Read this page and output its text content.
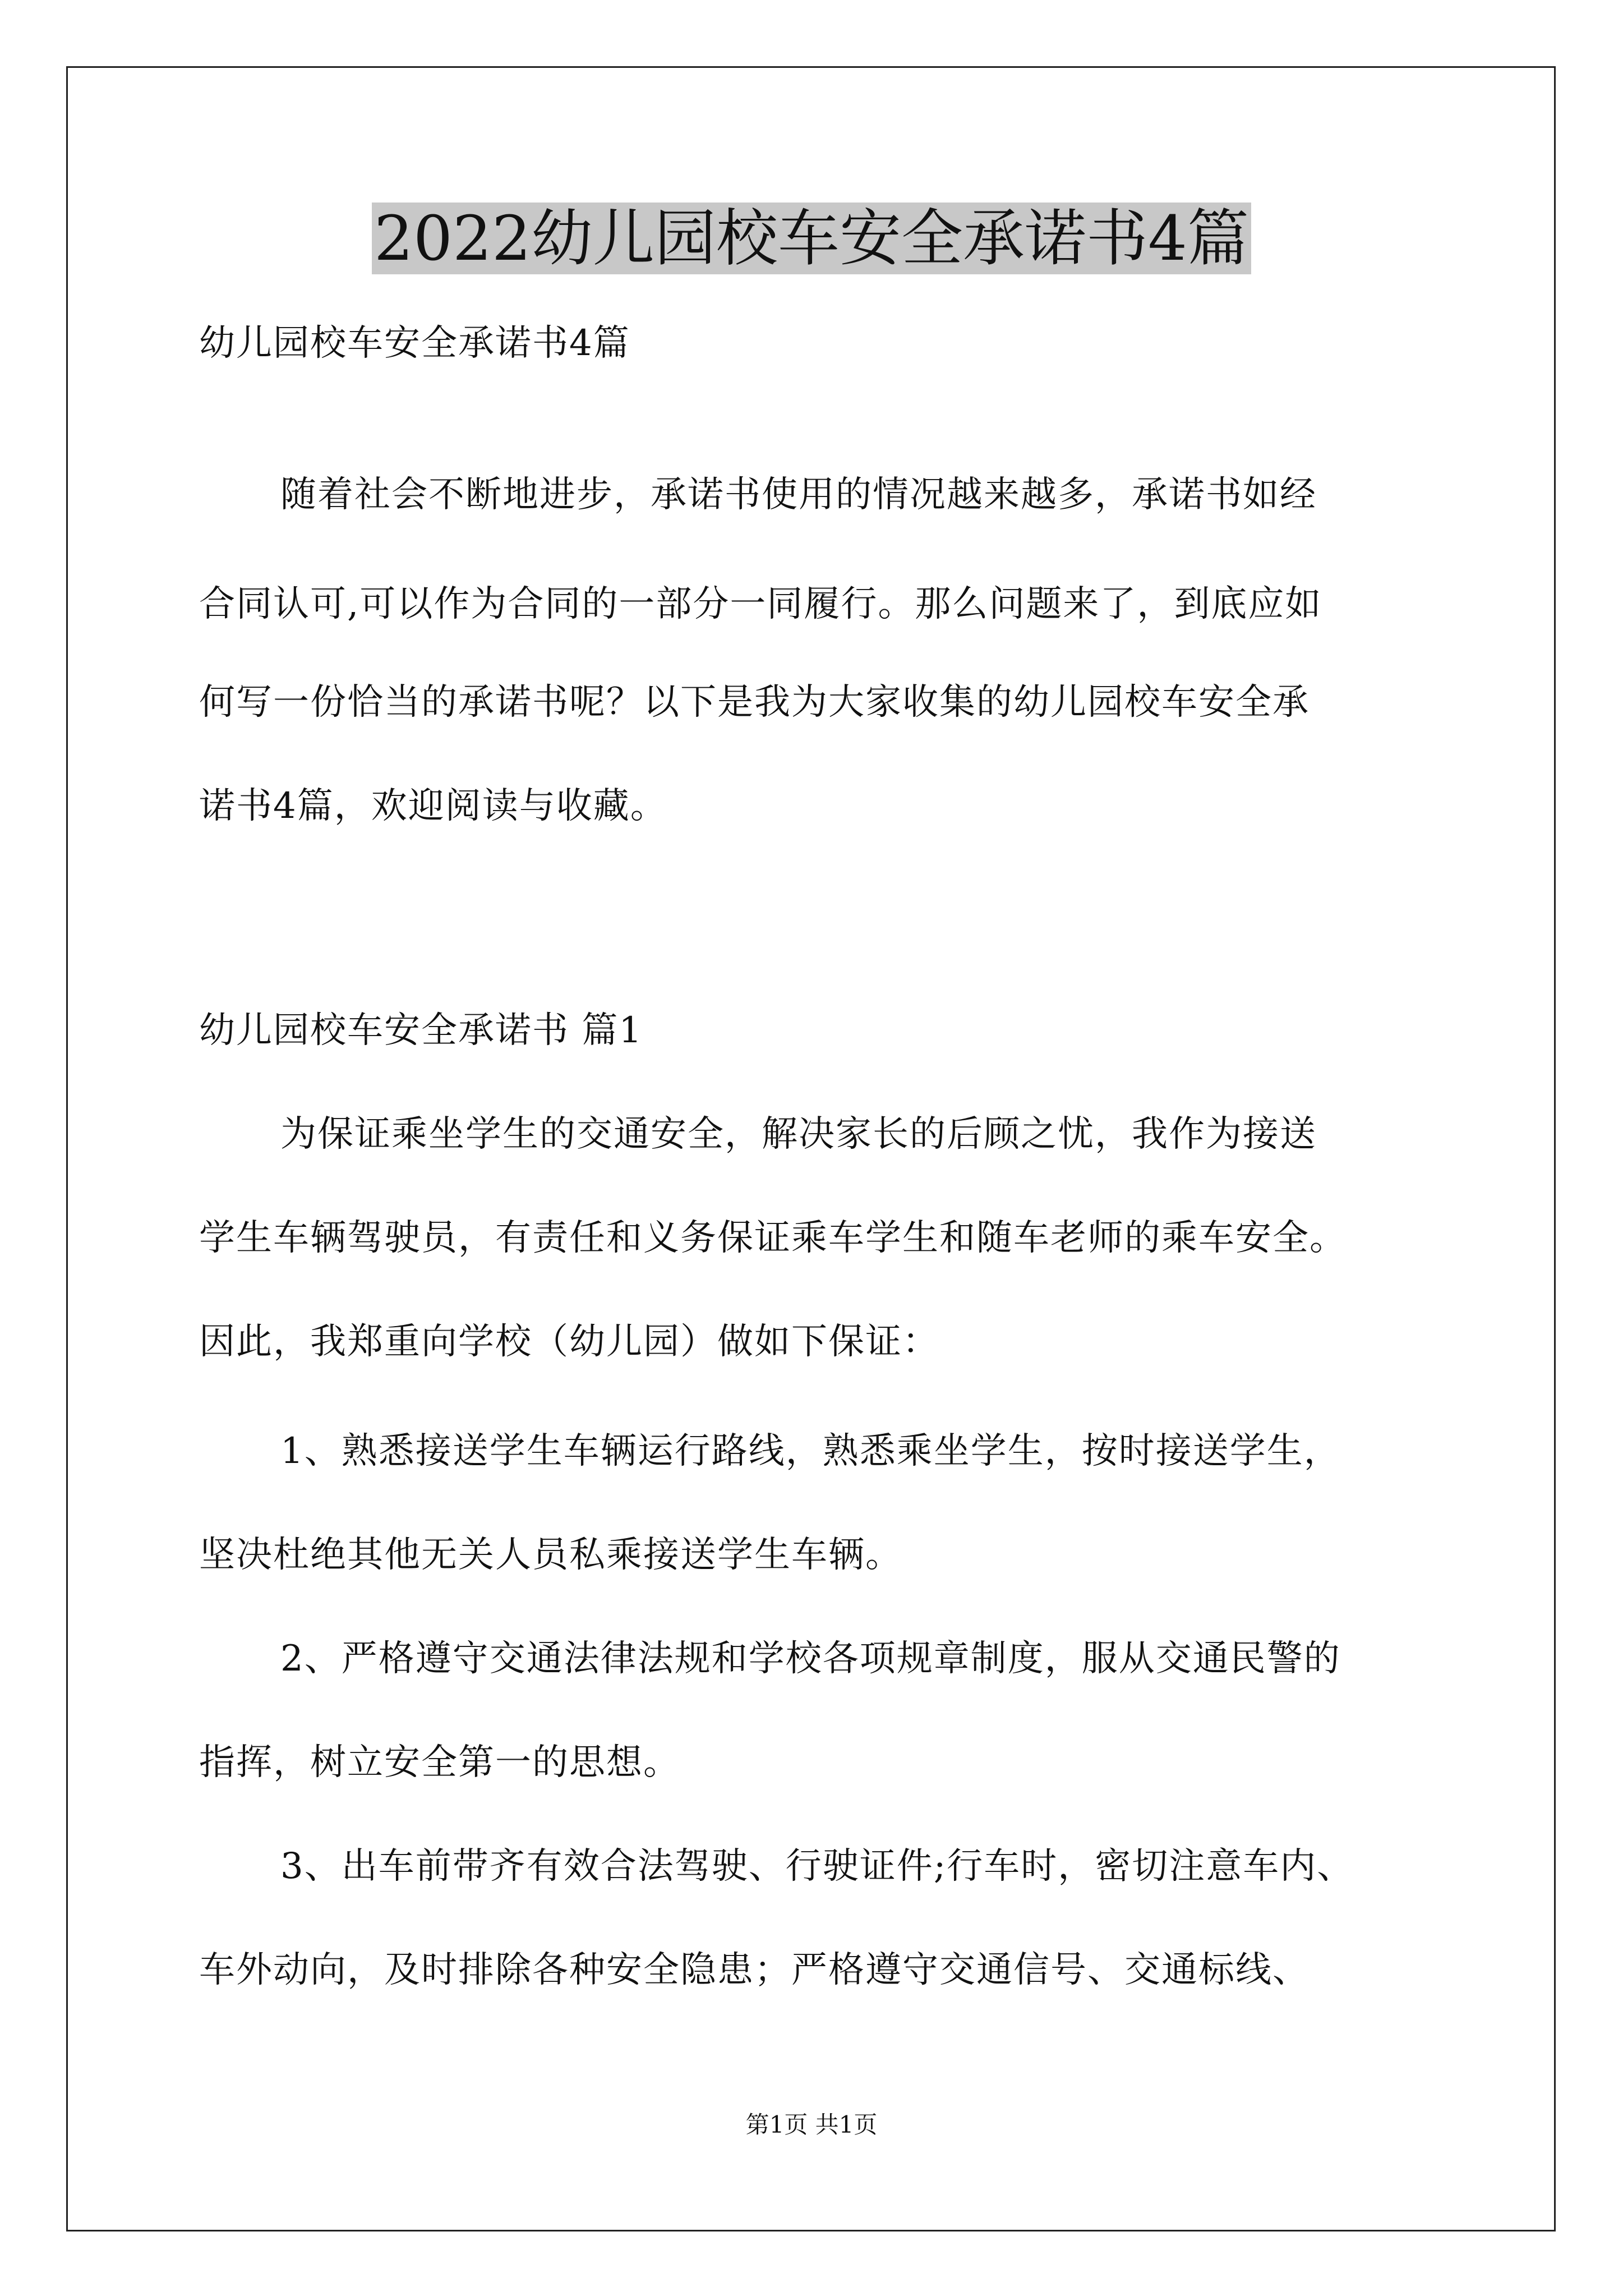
2022幼儿园校车安全承诺书4篇
幼儿园校车安全承诺书4篇
随着社会不断地进步，承诺书使用的情况越来越多，承诺书如经
合同认可,可以作为合同的一部分一同履行。那么问题来了，到底应如
何写一份恰当的承诺书呢？以下是我为大家收集的幼儿园校车安全承
诺书4篇，欢迎阅读与收藏。
幼儿园校车安全承诺书 篇1
为保证乘坐学生的交通安全，解决家长的后顾之忧，我作为接送
学生车辆驾驶员，有责任和义务保证乘车学生和随车老师的乘车安全。
因此，我郑重向学校（幼儿园）做如下保证：
1、熟悉接送学生车辆运行路线，熟悉乘坐学生，按时接送学生，
坚决杜绝其他无关人员私乘接送学生车辆。
2、严格遵守交通法律法规和学校各项规章制度，服从交通民警的
指挥，树立安全第一的思想。
3、出车前带齐有效合法驾驶、行驶证件;行车时，密切注意车内、
车外动向，及时排除各种安全隐患；严格遵守交通信号、交通标线、
第1页 共1页
